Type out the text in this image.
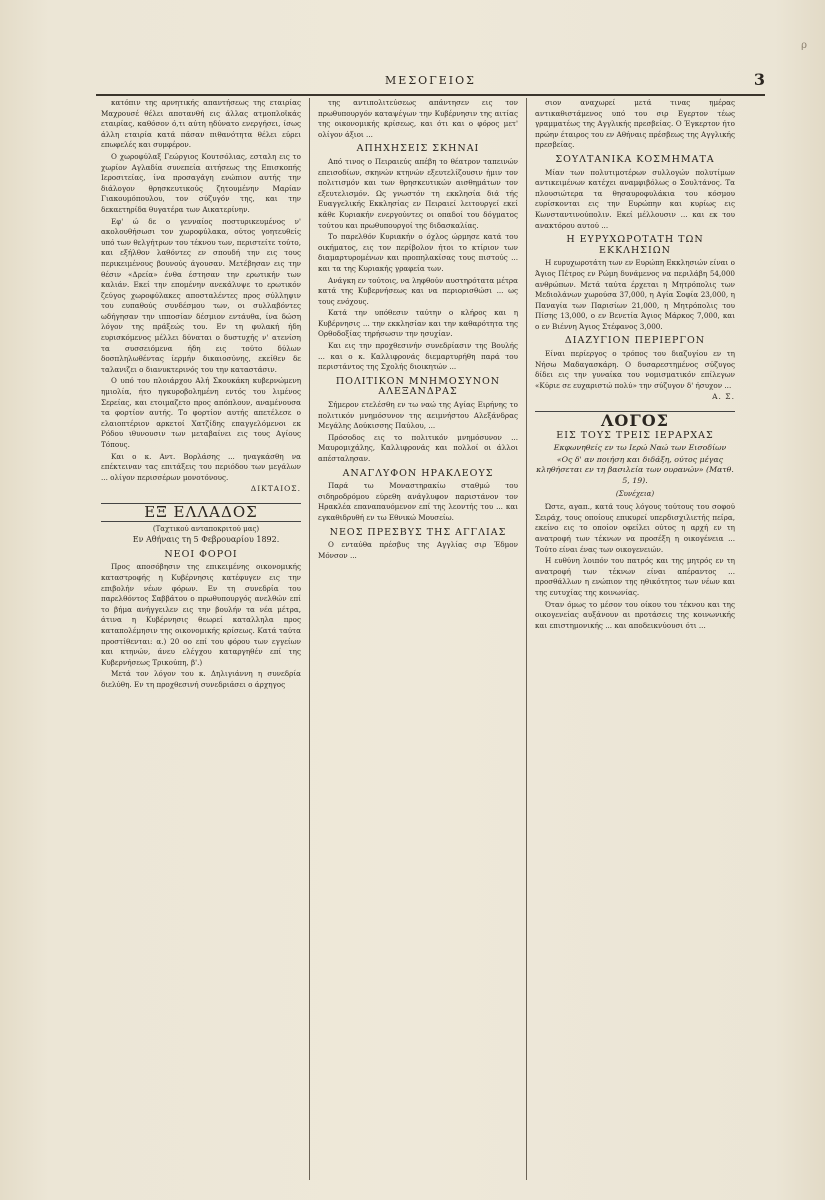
ρ
ΜΕΣΟΓΕΙΟΣ	3

κατόπιν της αρνητικής απαντήσεως της εταιρίας Μαχρουσέ θέλει αποτανθή εις άλλας ατμοπλοϊκάς εταιρίας, καθόσον ό,τι αύτη ηδύνατο ενεργήσει, ίσως άλλη εταιρία κατά πάσαν πιθανότητα θέλει εύρει επωφελές και συμφέρον.

Ο χωροφύλαξ Γεώργιος Κουτσόλιας, εσταλη εις το χωρίον Αγλαδία συνεπεία αιτήσεως της Επισκοπής Ιεροσιτείας, ίνα προσαγάγη ενώπιον αυτής την διάλογον θρησκευτικούς ζητουμένην Μαρίαν Γιακουμόπουλου, τον σύζυγόν της, και την δεκαετηρίδα θυγατέρα των Αικατερίνην.

Εφ' ώ δε ο γενναίος ποστυρικευμένος ν' ακολουθήσωσι τον χωροφύλακα, ούτος γοητευθείς υπό των θελγήτρων του τέκνου των, περιστείτε τούτο, και εξήλθον λαθόντες εν σπουδή την εις τους περικειμένους βουνούς άγουσαν. Μετέβησαν εις την θέσιν «Δρεία» ένθα έστησαν την ερωτικήν των καλιάν. Εκεί την επομένην ανεκάλυψε το ερωτικόν ζεύγος χωροφύλακες αποσταλέντες προς σύλληψιν του ευπαθούς συνδέσμου των, οι συλλαβόντες ωδήγησαν την ιπποσίαν δέσμιον εντάυθα, ίνα δώση λόγον της πράξεώς του. Εν τη φυλακή ήδη ευρισκόμενος μέλλει δύναται ο δυστυχής ν' ατενίση τα συσσειόμενα ήδη εις τούτο δύλων δοσπληλωθέντας ίερμήν δικαιοσύνης, εκείθεν δε ταλανιζει ο διανυκτερινός του την καταστάσιν.

Ο υπό του πλοιάρχου Αλή Σκουκάκη κυβερνώμενη ημιολία, ήτο ηγκυροβολημένη εντός του λιμένος Σερείας, και ετοιμαζετο προς απόπλουν, αναμένουσα τα φορτίον αυτής. Το φορτίον αυτής απετέλεσε ο ελαιοπτέριον αρκετοί Χατζίδης επαγγελόμενοι εκ Ρόδου ιθυνουσιν των μεταβαίνει εις τους Αγίους Τόπους.

Και ο κ. Αντ. Βορλάσης ... ηναγκάσθη να επέκτειναν τας επιτάξεις του περιόδου των μεγάλων ... ολίγον περισσέρων μονοτόνους.

ΔΙΚΤΑΙΟΣ.
ΕΞ ΕΛΛΑΔΟΣ

(Ταχτικού ανταποκριτού μας)

Εν Αθήναις τη 5 Φεβρουαρίου 1892.

ΝΕΟΙ ΦΟΡΟΙ

Προς αποσόβησιν της επικειμένης οικονομικής καταστροφής η Κυβέρνησις κατέφυγεν εις την επιβολήν νέων φόρων. Εν τη συνεδρία του παρελθόντος Σαββάτου ο πρωθυπουργός ανελθών επί το βήμα ανήγγειλεν εις την βουλήν τα νέα μέτρα, άτινα η Κυβέρνησις θεωρεί καταλληλα προς καταπολέμησιν της οικονομικής κρίσεως. Κατά ταύτα προστίθενται: α.) 20 οο επί του φόρου των εγγείων και κτηνών, άνευ ελέγχου καταργηθέν επί της Κυβερνήσεως Τρικούπη, β'.)

Μετά τον λόγον του κ. Δηλιγιάννη η συνεδρία διελύθη. Εν τη προχθεσινή συνεδριάσει ο άρχηγος

της αντιπολιτεύσεως απάντησεν εις τον πρωθυπουργόν καταψέγων την Κυβέρνησιν της αιτίας της οικονομικής κρίσεως, και ότι και ο φόρος μετ' ολίγον άξιοι ...

ΑΠΗΧΗΣΕΙΣ ΣΚΗΝΑΙ

Από τινος ο Πειραιεύς απέβη το θέατρον ταπεινών επεισοδίων, σκηνών κτηνών εξευτελίζουσιν ήμιν τον πολιτισμόν και των θρησκευτικών αισθημάτων τον εξευτελισμόν. Ως γνωστόν τη εκκλησία διά τής Ευαγγελικής Εκκλησίας εν Πειραιεί λειτουργεί εκεί κάθε Κυριακήν ενεργούντες οι οπαδοί του δόγματος τούτου και πρωθυπουργοί της διδασκαλίας.

Το παρελθόν Κυριακήν ο όχλος ώρμησε κατά του οικήματος, εις τον περίβολον ήτοι το κτίριον των διαμαρτυρομένων και προπηλακίσας τους πιστούς ... και τα της Κυριακής γραφεία των.

Ανάγκη εν τούτοις, να ληφθούν αυστηρότατα μέτρα κατά της Κυβερνήσεως και να περιορισθώσι ... ως τους ενόχους.

Κατά την υπόθεσιν ταύτην ο κλήρος και η Κυβέρνησις ... την εκκλησίαν και την καθαρότητα της Ορθοδοξίας τηρήσωσιν την ησυχίαν.

Και εις την προχθεσινήν συνεδρίασιν της Βουλής ... και ο κ. Καλλιφρονάς διεμαρτυρήθη παρά του περιστάντος της Σχολής διοικητών ...

ΠΟΛΙΤΙΚΟΝ ΜΝΗΜΟΣΥΝΟΝ ΑΛΕΞΑΝΔΡΑΣ

Σήμερον ετελέσθη εν τω ναώ της Αγίας Ειρήνης το πολιτικόν μνημόσυνον της αειμνήστου Αλεξάνδρας Μεγάλης Δούκισσης Παύλου, ...

Πρόσοδος εις το πολιτικόν μνημόσυνον ... Μαυρομιχάλης, Καλλιφρονάς και πολλοί οι άλλοι απέσταλησαν.

ΑΝΑΓΛΥΦΟΝ ΗΡΑΚΛΕΟΥΣ

Παρά τω Μοναστηρακίω σταθμώ του σιδηροδρόμου εύρεθη ανάγλυφον παριστάνον τον Ηρακλέα επαναπαυόμενον επί της λεοντής του ... και εγκαθιδρυθή εν τω Εθνικώ Μουσείω.

ΝΕΟΣ ΠΡΕΣΒΥΣ ΤΗΣ ΑΓΓΛΙΑΣ

Ο ενταύθα πρέσβυς της Αγγλίας σιρ Έδμον Μόνσον ...

σιον αναχωρεί μετά τινας ημέρας αντικαθιστάμενος υπό του σιρ Εγερτον τέως γραμματέως της Αγγλικής πρεσβείας. Ο Έγκερτον ήτο πρώην έταιρος του εν Αθήναις πρέσβεως της Αγγλικής πρεσβείας.

ΣΟΥΛΤΑΝΙΚΑ ΚΟΣΜΗΜΑΤΑ

Μίαν των πολυτιμοτέρων συλλογών πολυτίμων αντικειμένων κατέχει αναμφιβόλως ο Σουλτάνος. Τα πλουσιώτερα τα θησαυροφυλάκια του κόσμου ευρίσκονται εις την Ευρώπην και κυρίως εις Κωνσταντινούπολιν. Εκεί μέλλουσιν ... και εκ του ανακτόρου αυτού ...

Η ΕΥΡΥΧΩΡΟΤΑΤΗ ΤΩΝ ΕΚΚΛΗΣΙΩΝ

Η ευρυχωροτάτη των εν Ευρώπη Εκκλησιών είναι ο Άγιος Πέτρος εν Ρώμη δυνάμενος να περιλάβη 54,000 ανθρώπων. Μετά ταύτα έρχεται η Μητρόπολις των Μεδιολάνων χωρούσα 37,000, η Αγία Σοφία 23,000, η Παναγία των Παρισίων 21,000, η Μητρόπολις του Πίσης 13,000, ο εν Βενετία Άγιος Μάρκος 7,000, και ο εν Βιέννη Άγιος Στέφανος 3,000.

ΔΙΑΖΥΓΙΟΝ ΠΕΡΙΕΡΓΟΝ

Είναι περίεργος ο τρόπος του διαζυγίου εν τη Νήσω Μαδαγασκάρη. Ο δυσαρεστημένος σύζυγος δίδει εις την γυναίκα του νομισματικόν επίλεγων «Κύριε σε ευχαριστώ πολύ» την σύζυγον δ' ήσυχον ...

Α. Σ.
ΛΟΓΟΣ
ΕΙΣ ΤΟΥΣ ΤΡΕΙΣ ΙΕΡΑΡΧΑΣ

Εκφωνηθείς εν τω Ιερώ Ναώ των Εισοδίων

«Ος δ' αν ποιήση και διδάξη, ούτος μέγας κληθήσεται εν τη βασιλεία των ουρανών» (Ματθ. 5, 19).

(Συνέχεια)

Ώστε, αγαπ., κατά τους λόγους τούτους του σοφού Σειράχ, τους οποίους επικυρεί υπερδισχιλιετής πείρα, εκείνο εις το οποίον οφείλει ούτος η αρχή εν τη ανατροφή των τέκνων να προσέξη η οικογένεια ... Τούτο είναι ένας των οικογενειών.

Η ευθύνη λοιπόν του πατρός και της μητρός εν τη ανατροφή των τέκνων είναι απέραντος ... προσθάλλων η ενώπιον της ηθικότητος των νέων και της ευτυχίας της κοινωνίας.

Όταν όμως το μέσον του οίκου του τέκνου και της οικογενείας αυξάνουν αι προτάσεις της κοινωνικής και επιστημονικής ... και αποδεικνύουσι ότι ...
